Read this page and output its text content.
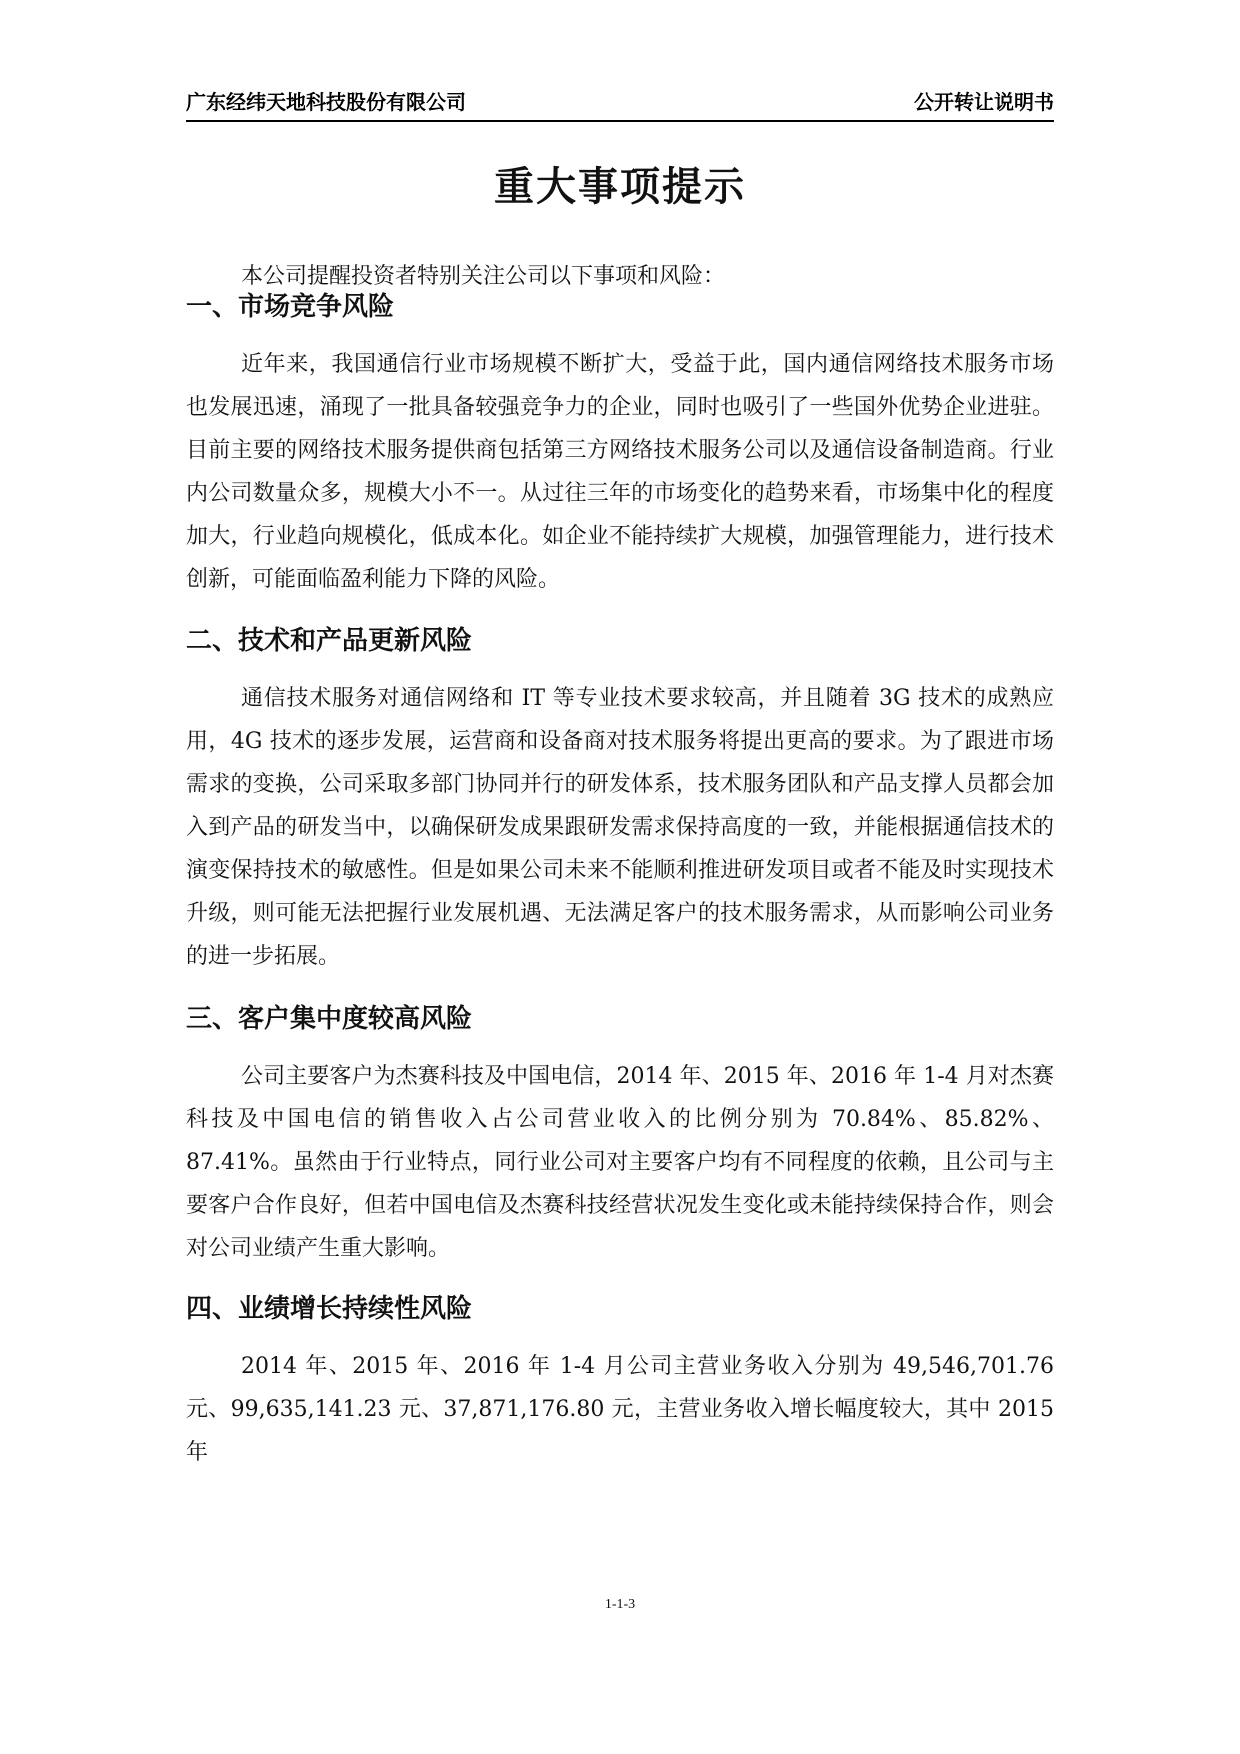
广东经纬天地科技股份有限公司	公开转让说明书
重大事项提示

本公司提醒投资者特别关注公司以下事项和风险：

一、市场竞争风险

近年来，我国通信行业市场规模不断扩大，受益于此，国内通信网络技术服务市场也发展迅速，涌现了一批具备较强竞争力的企业，同时也吸引了一些国外优势企业进驻。目前主要的网络技术服务提供商包括第三方网络技术服务公司以及通信设备制造商。行业内公司数量众多，规模大小不一。从过往三年的市场变化的趋势来看，市场集中化的程度加大，行业趋向规模化，低成本化。如企业不能持续扩大规模，加强管理能力，进行技术创新，可能面临盈利能力下降的风险。

二、技术和产品更新风险

通信技术服务对通信网络和 IT 等专业技术要求较高，并且随着 3G 技术的成熟应用，4G 技术的逐步发展，运营商和设备商对技术服务将提出更高的要求。为了跟进市场需求的变换，公司采取多部门协同并行的研发体系，技术服务团队和产品支撑人员都会加入到产品的研发当中，以确保研发成果跟研发需求保持高度的一致，并能根据通信技术的演变保持技术的敏感性。但是如果公司未来不能顺利推进研发项目或者不能及时实现技术升级，则可能无法把握行业发展机遇、无法满足客户的技术服务需求，从而影响公司业务的进一步拓展。

三、客户集中度较高风险

公司主要客户为杰赛科技及中国电信，2014 年、2015 年、2016 年 1-4 月对杰赛科技及中国电信的销售收入占公司营业收入的比例分别为 70.84%、85.82%、87.41%。虽然由于行业特点，同行业公司对主要客户均有不同程度的依赖，且公司与主要客户合作良好，但若中国电信及杰赛科技经营状况发生变化或未能持续保持合作，则会对公司业绩产生重大影响。

四、业绩增长持续性风险

2014 年、2015 年、2016 年 1-4 月公司主营业务收入分别为 49,546,701.76 元、99,635,141.23 元、37,871,176.80 元，主营业务收入增长幅度较大，其中 2015 年

1-1-3
